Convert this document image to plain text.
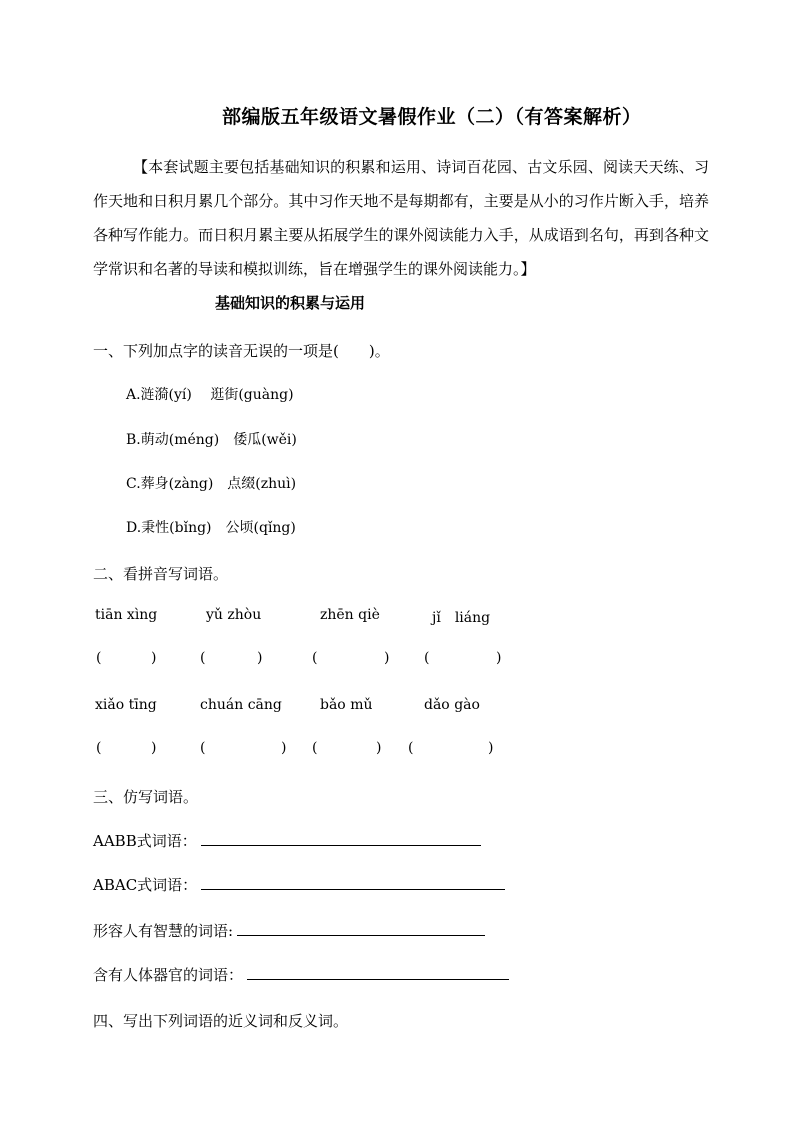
部编版五年级语文暑假作业（二）（有答案解析）
【本套试题主要包括基础知识的积累和运用、诗词百花园、古文乐园、阅读天天练、习作天地和日积月累几个部分。其中习作天地不是每期都有，主要是从小的习作片断入手，培养各种写作能力。而日积月累主要从拓展学生的课外阅读能力入手，从成语到名句，再到各种文学常识和名著的导读和模拟训练，旨在增强学生的课外阅读能力。】
基础知识的积累与运用
一、下列加点字的读音无误的一项是(　　)。
A.涟漪(yí)　 逛街(guàng)
B.萌动(méng)　倭瓜(wěi)
C.葬身(zàng)　点缀(zhuì)
D.秉性(bǐng)　公顷(qǐng)
二、看拼音写词语。
tiān xìng	yǔ zhòu	zhēn qiè	jǐ　liáng
(	)	(	)	(	) (	)
xiǎo tīng	chuán cāng	bǎo mǔ	dǎo gào
(	)	(	) (	) (	)
三、仿写词语。
AABB式词语：
ABAC式词语：
形容人有智慧的词语:
含有人体器官的词语：
四、写出下列词语的近义词和反义词。
